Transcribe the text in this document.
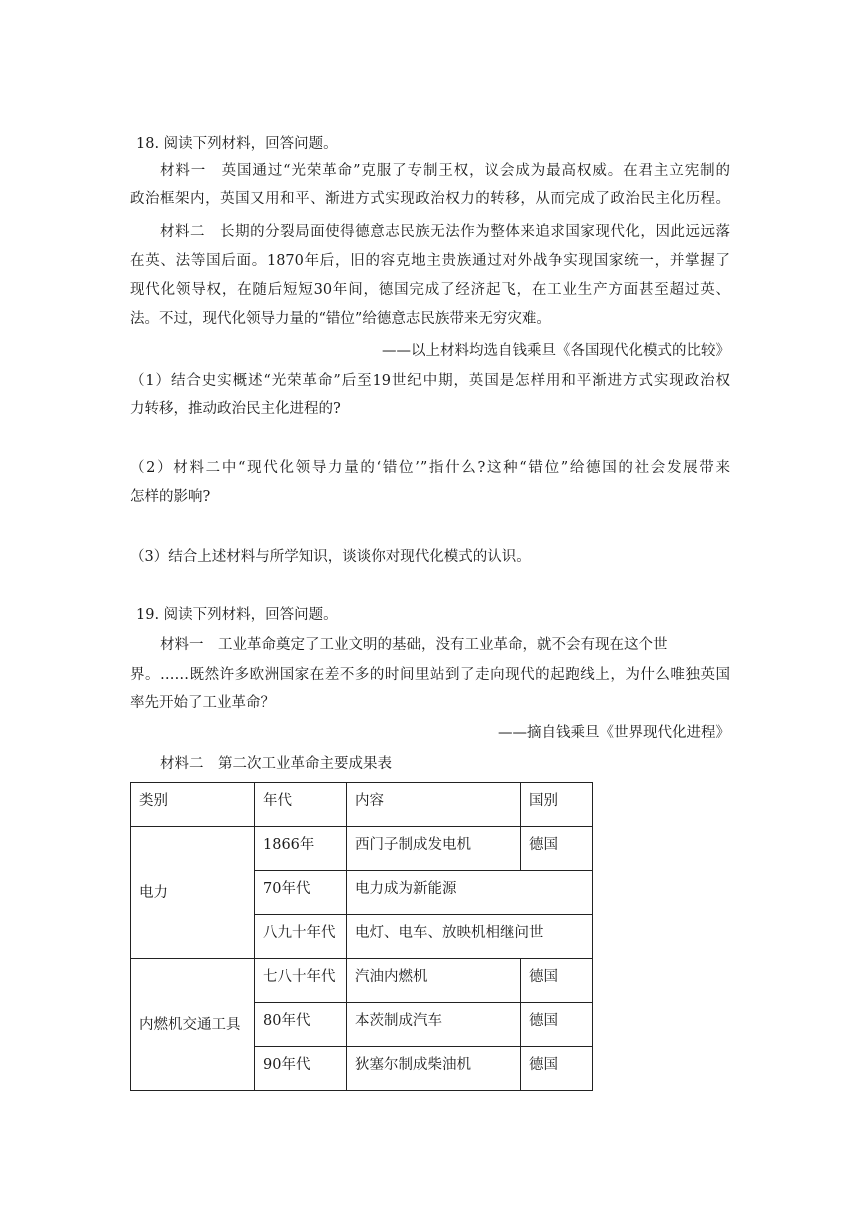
18. 阅读下列材料，回答问题。
材料一　英国通过“光荣革命”克服了专制王权，议会成为最高权威。在君主立宪制的
政治框架内，英国又用和平、渐进方式实现政治权力的转移，从而完成了政治民主化历程。
材料二　长期的分裂局面使得德意志民族无法作为整体来追求国家现代化，因此远远落
在英、法等国后面。1870年后，旧的容克地主贵族通过对外战争实现国家统一，并掌握了
现代化领导权，在随后短短30年间，德国完成了经济起飞，在工业生产方面甚至超过英、
法。不过，现代化领导力量的“错位”给德意志民族带来无穷灾难。
——以上材料均选自钱乘旦《各国现代化模式的比较》
（1）结合史实概述“光荣革命”后至19世纪中期，英国是怎样用和平渐进方式实现政治权
力转移，推动政治民主化进程的?
（2）材料二中“现代化领导力量的‘错位’”指什么?这种“错位”给德国的社会发展带来
怎样的影响?
（3）结合上述材料与所学知识，谈谈你对现代化模式的认识。
19. 阅读下列材料，回答问题。
材料一　工业革命奠定了工业文明的基础，没有工业革命，就不会有现在这个世
界。……既然许多欧洲国家在差不多的时间里站到了走向现代的起跑线上，为什么唯独英国
率先开始了工业革命？
——摘自钱乘旦《世界现代化进程》
材料二　第二次工业革命主要成果表
类别	年代	内容	国别
电力	1866年	西门子制成发电机	德国
	70年代	电力成为新能源	
	八九十年代	电灯、电车、放映机相继问世	
内燃机交通工具	七八十年代	汽油内燃机	德国
	80年代	本茨制成汽车	德国
	90年代	狄塞尔制成柴油机	德国
